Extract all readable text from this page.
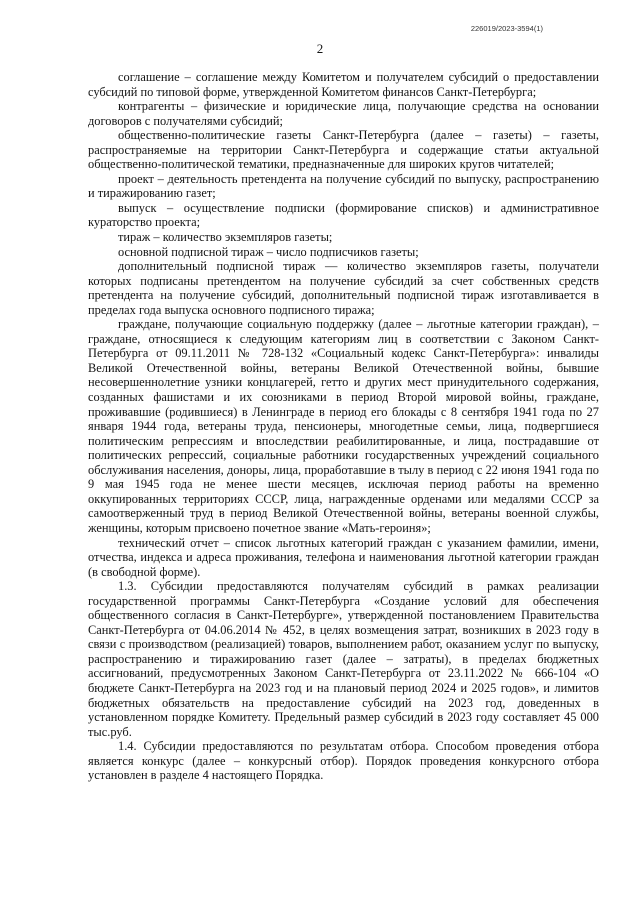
226019/2023-3594(1)
2

соглашение – соглашение между Комитетом и получателем субсидий о предоставлении субсидий по типовой форме, утвержденной Комитетом финансов Санкт-Петербурга;

контрагенты – физические и юридические лица, получающие средства на основании договоров с получателями субсидий;

общественно-политические газеты Санкт-Петербурга (далее – газеты) – газеты, распространяемые на территории Санкт-Петербурга и содержащие статьи актуальной общественно-политической тематики, предназначенные для широких кругов читателей;

проект – деятельность претендента на получение субсидий по выпуску, распространению и тиражированию газет;

выпуск – осуществление подписки (формирование списков) и административное кураторство проекта;

тираж – количество экземпляров газеты;

основной подписной тираж – число подписчиков газеты;

дополнительный подписной тираж — количество экземпляров газеты, получатели которых подписаны претендентом на получение субсидий за счет собственных средств претендента на получение субсидий, дополнительный подписной тираж изготавливается в пределах года выпуска основного подписного тиража;

граждане, получающие социальную поддержку (далее – льготные категории граждан), – граждане, относящиеся к следующим категориям лиц в соответствии с Законом Санкт-Петербурга от 09.11.2011 № 728-132 «Социальный кодекс Санкт-Петербурга»: инвалиды Великой Отечественной войны, ветераны Великой Отечественной войны, бывшие несовершеннолетние узники концлагерей, гетто и других мест принудительного содержания, созданных фашистами и их союзниками в период Второй мировой войны, граждане, проживавшие (родившиеся) в Ленинграде в период его блокады с 8 сентября 1941 года по 27 января 1944 года, ветераны труда, пенсионеры, многодетные семьи, лица, подвергшиеся политическим репрессиям и впоследствии реабилитированные, и лица, пострадавшие от политических репрессий, социальные работники государственных учреждений социального обслуживания населения, доноры, лица, проработавшие в тылу в период с 22 июня 1941 года по 9 мая 1945 года не менее шести месяцев, исключая период работы на временно оккупированных территориях СССР, лица, награжденные орденами или медалями СССР за самоотверженный труд в период Великой Отечественной войны, ветераны военной службы, женщины, которым присвоено почетное звание «Мать-героиня»;

технический отчет – список льготных категорий граждан с указанием фамилии, имени, отчества, индекса и адреса проживания, телефона и наименования льготной категории граждан (в свободной форме).

1.3. Субсидии предоставляются получателям субсидий в рамках реализации государственной программы Санкт-Петербурга «Создание условий для обеспечения общественного согласия в Санкт-Петербурге», утвержденной постановлением Правительства Санкт-Петербурга от 04.06.2014 № 452, в целях возмещения затрат, возникших в 2023 году в связи с производством (реализацией) товаров, выполнением работ, оказанием услуг по выпуску, распространению и тиражированию газет (далее – затраты), в пределах бюджетных ассигнований, предусмотренных Законом Санкт-Петербурга от 23.11.2022 № 666-104 «О бюджете Санкт-Петербурга на 2023 год и на плановый период 2024 и 2025 годов», и лимитов бюджетных обязательств на предоставление субсидий на 2023 год, доведенных в установленном порядке Комитету. Предельный размер субсидий в 2023 году составляет 45 000 тыс.руб.

1.4. Субсидии предоставляются по результатам отбора. Способом проведения отбора является конкурс (далее – конкурсный отбор). Порядок проведения конкурсного отбора установлен в разделе 4 настоящего Порядка.
